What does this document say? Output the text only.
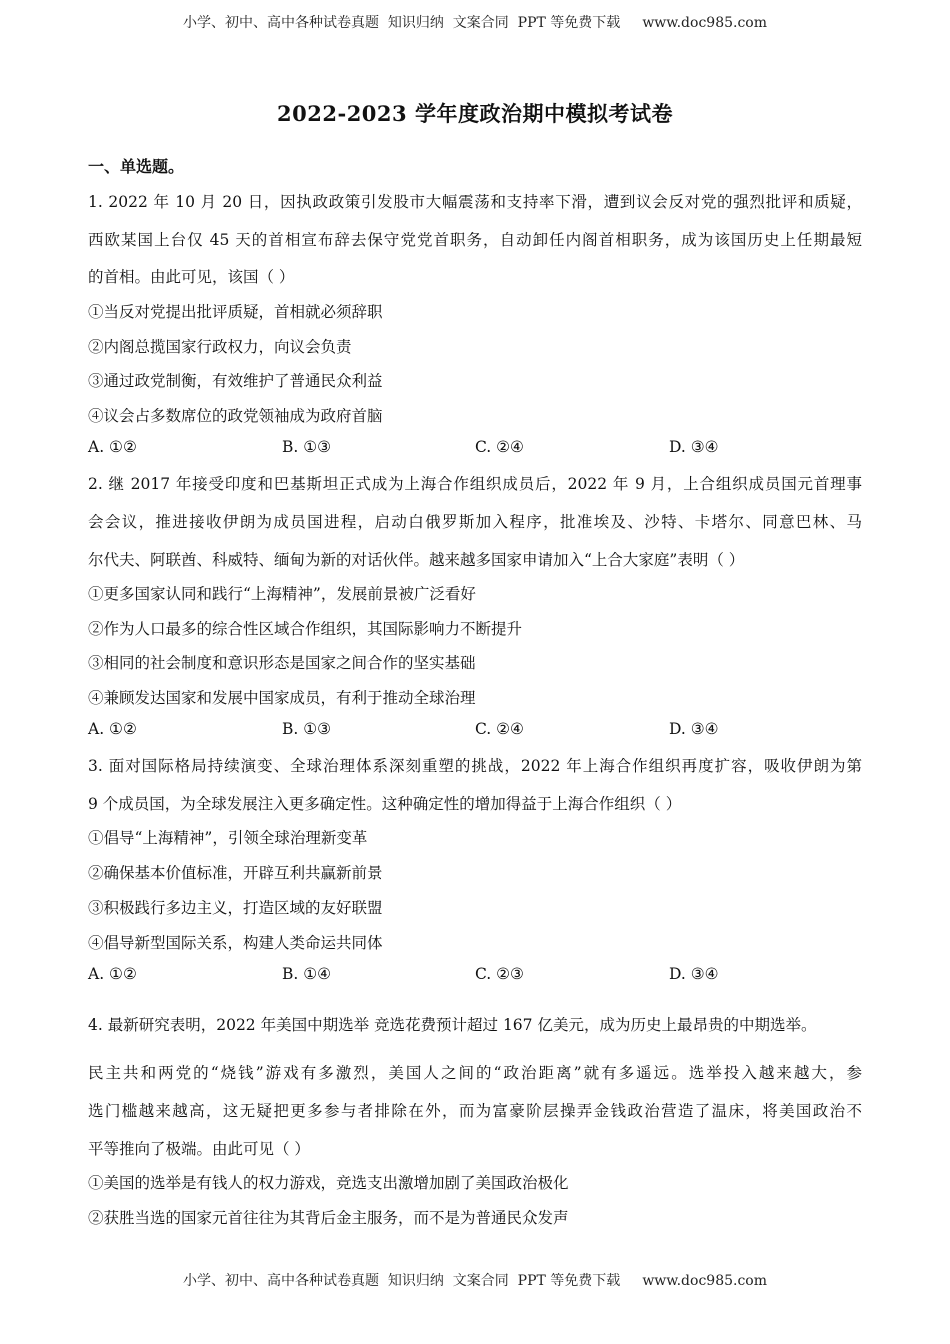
小学、初中、高中各种试卷真题  知识归纳  文案合同  PPT 等免费下载 www.doc985.com
2022-2023 学年度政治期中模拟考试卷
一、单选题。
1. 2022 年 10 月 20 日，因执政政策引发股市大幅震荡和支持率下滑，遭到议会反对党的强烈批评和质疑，
西欧某国上台仅 45 天的首相宣布辞去保守党党首职务，自动卸任内阁首相职务，成为该国历史上任期最短
的首相。由此可见，该国（ ）
①当反对党提出批评质疑，首相就必须辞职
②内阁总揽国家行政权力，向议会负责
③通过政党制衡，有效维护了普通民众利益
④议会占多数席位的政党领袖成为政府首脑
A. ①②	B. ①③	C. ②④	D. ③④
2. 继 2017 年接受印度和巴基斯坦正式成为上海合作组织成员后，2022 年 9 月，上合组织成员国元首理事
会会议，推进接收伊朗为成员国进程，启动白俄罗斯加入程序，批准埃及、沙特、卡塔尔、同意巴林、马
尔代夫、阿联酋、科威特、缅甸为新的对话伙伴。越来越多国家申请加入“上合大家庭”表明（ ）
①更多国家认同和践行“上海精神”，发展前景被广泛看好
②作为人口最多的综合性区域合作组织，其国际影响力不断提升
③相同的社会制度和意识形态是国家之间合作的坚实基础
④兼顾发达国家和发展中国家成员，有利于推动全球治理
A. ①②	B. ①③	C. ②④	D. ③④
3. 面对国际格局持续演变、全球治理体系深刻重塑的挑战，2022 年上海合作组织再度扩容，吸收伊朗为第
9 个成员国，为全球发展注入更多确定性。这种确定性的增加得益于上海合作组织（ ）
①倡导“上海精神”，引领全球治理新变革
②确保基本价值标准，开辟互利共赢新前景
③积极践行多边主义，打造区域的友好联盟
④倡导新型国际关系，构建人类命运共同体
A. ①②	B. ①④	C. ②③	D. ③④
4. 最新研究表明，2022 年美国中期选举 竞选花费预计超过 167 亿美元，成为历史上最昂贵的中期选举。
民主共和两党的“烧钱”游戏有多激烈，美国人之间的“政治距离”就有多遥远。选举投入越来越大，参
选门槛越来越高，这无疑把更多参与者排除在外，而为富豪阶层操弄金钱政治营造了温床，将美国政治不
平等推向了极端。由此可见（ ）
①美国的选举是有钱人的权力游戏，竞选支出激增加剧了美国政治极化
②获胜当选的国家元首往往为其背后金主服务，而不是为普通民众发声
小学、初中、高中各种试卷真题  知识归纳  文案合同  PPT 等免费下载 www.doc985.com
